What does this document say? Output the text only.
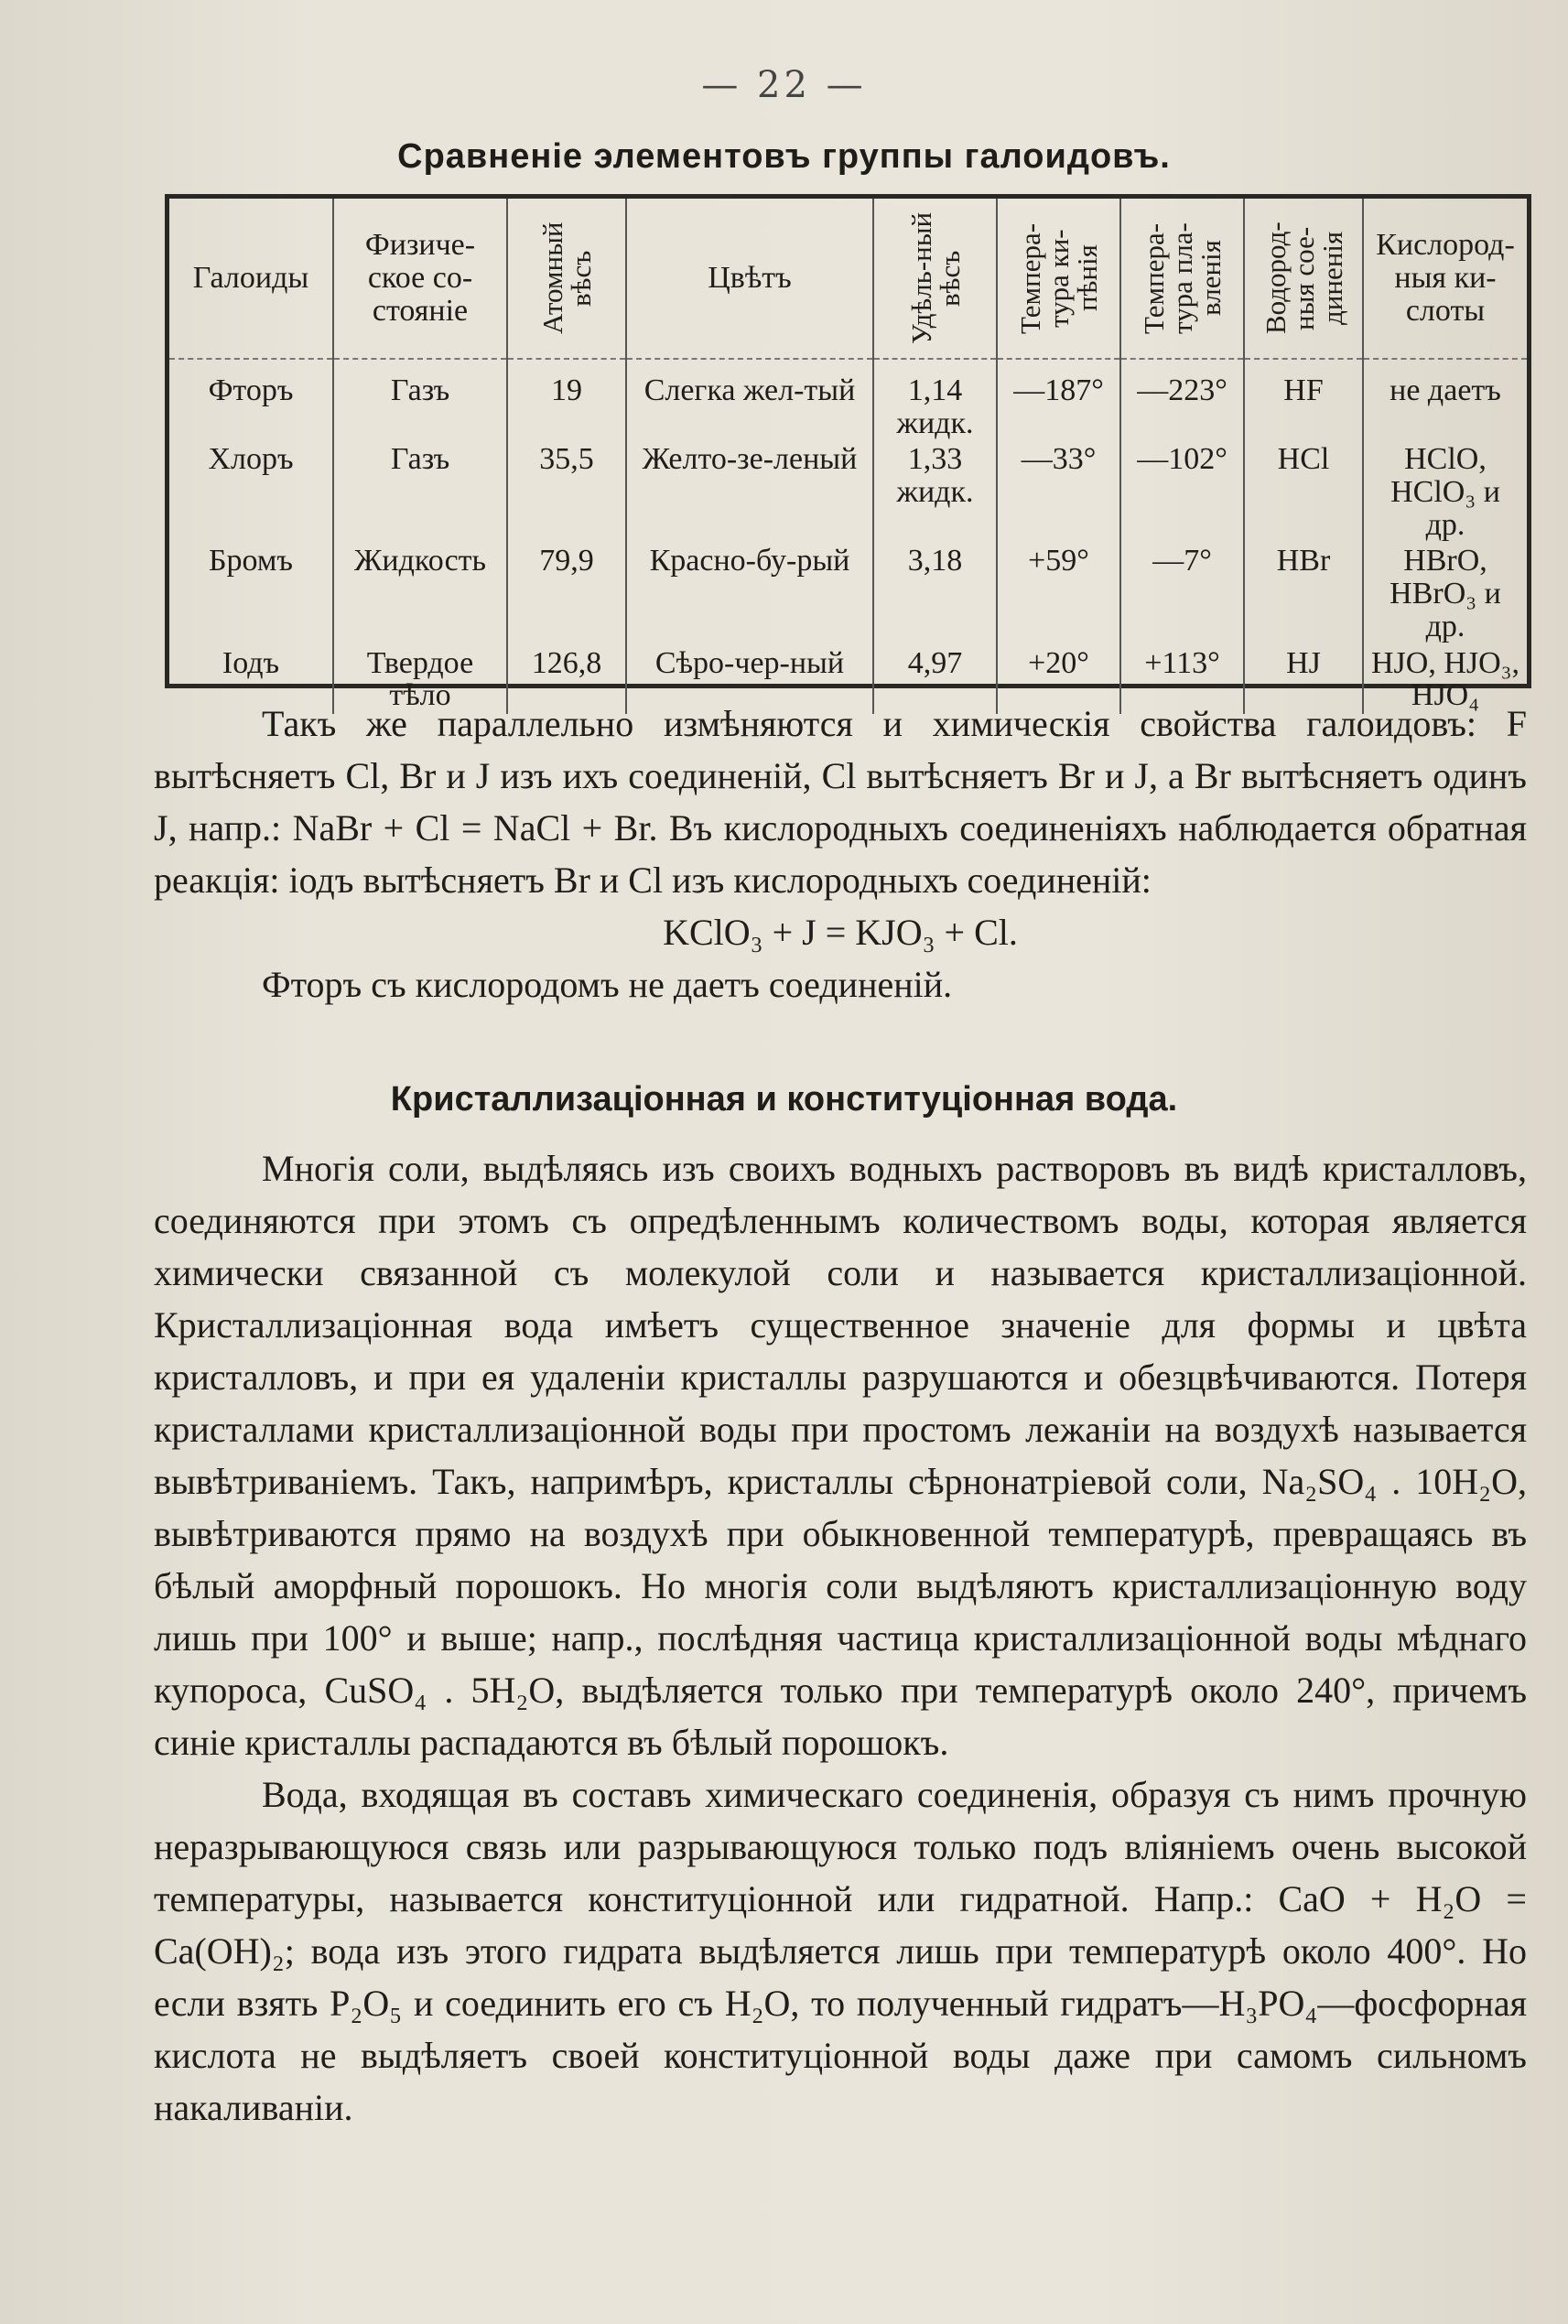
— 22 —
Сравненіе элементовъ группы галоидовъ.
Галоиды	Физиче-ское со-стояніе	Атомный вѣсъ	Цвѣтъ	Удѣль-ный вѣсъ	Темпера-тура ки-пѣнія	Темпера-тура пла-вленія	Водород-ныя сое-диненія	Кислород-ныя ки-слоты
Фторъ	Газъ	19	Слегка жел-тый	1,14 жидк.	—187°	—223°	HF	не даетъ
Хлоръ	Газъ	35,5	Желто-зе-леный	1,33 жидк.	—33°	—102°	HCl	HClO, HClO₃ и др.
Бромъ	Жидкость	79,9	Красно-бу-рый	3,18	+59°	—7°	HBr	HBrO, HBrO₃ и др.
Іодъ	Твердое тѣло	126,8	Сѣро-чер-ный	4,97	+20°	+113°	HJ	HJO, HJO₃, HJO₄

Такъ же параллельно измѣняются и химическія свойства галоидовъ: F вытѣсняетъ Cl, Br и J изъ ихъ соединеній, Cl вытѣсняетъ Br и J, а Br вытѣсняетъ одинъ J, напр.: NaBr + Cl = NaCl + Br. Въ кислородныхъ соединеніяхъ наблюдается обратная реакція: іодъ вытѣсняетъ Br и Cl изъ кислородныхъ соединеній:

KClO₃ + J = KJO₃ + Cl.

Фторъ съ кислородомъ не даетъ соединеній.

Кристаллизаціонная и конституціонная вода.

Многія соли, выдѣляясь изъ своихъ водныхъ растворовъ въ видѣ кристалловъ, соединяются при этомъ съ опредѣленнымъ количествомъ воды, которая является химически связанной съ молекулой соли и называется кристаллизаціонной. Кристаллизаціонная вода имѣетъ существенное значеніе для формы и цвѣта кристалловъ, и при ея удаленіи кристаллы разрушаются и обезцвѣчиваются. Потеря кристаллами кристаллизаціонной воды при простомъ лежаніи на воздухѣ называется вывѣтриваніемъ. Такъ, напримѣръ, кристаллы сѣрнонатріевой соли, Na₂SO₄ . 10H₂O, вывѣтриваются прямо на воздухѣ при обыкновенной температурѣ, превращаясь въ бѣлый аморфный порошокъ. Но многія соли выдѣляютъ кристаллизаціонную воду лишь при 100° и выше; напр., послѣдняя частица кристаллизаціонной воды мѣднаго купороса, CuSO₄ . 5H₂O, выдѣляется только при температурѣ около 240°, причемъ синіе кристаллы распадаются въ бѣлый порошокъ.

Вода, входящая въ составъ химическаго соединенія, образуя съ нимъ прочную неразрывающуюся связь или разрывающуюся только подъ вліяніемъ очень высокой температуры, называется конституціонной или гидратной. Напр.: CaO + H₂O = Ca(OH)₂; вода изъ этого гидрата выдѣляется лишь при температурѣ около 400°. Но если взять P₂O₅ и соединить его съ H₂O, то полученный гидратъ—H₃PO₄—фосфорная кислота не выдѣляетъ своей конституціонной воды даже при самомъ сильномъ накаливаніи.
